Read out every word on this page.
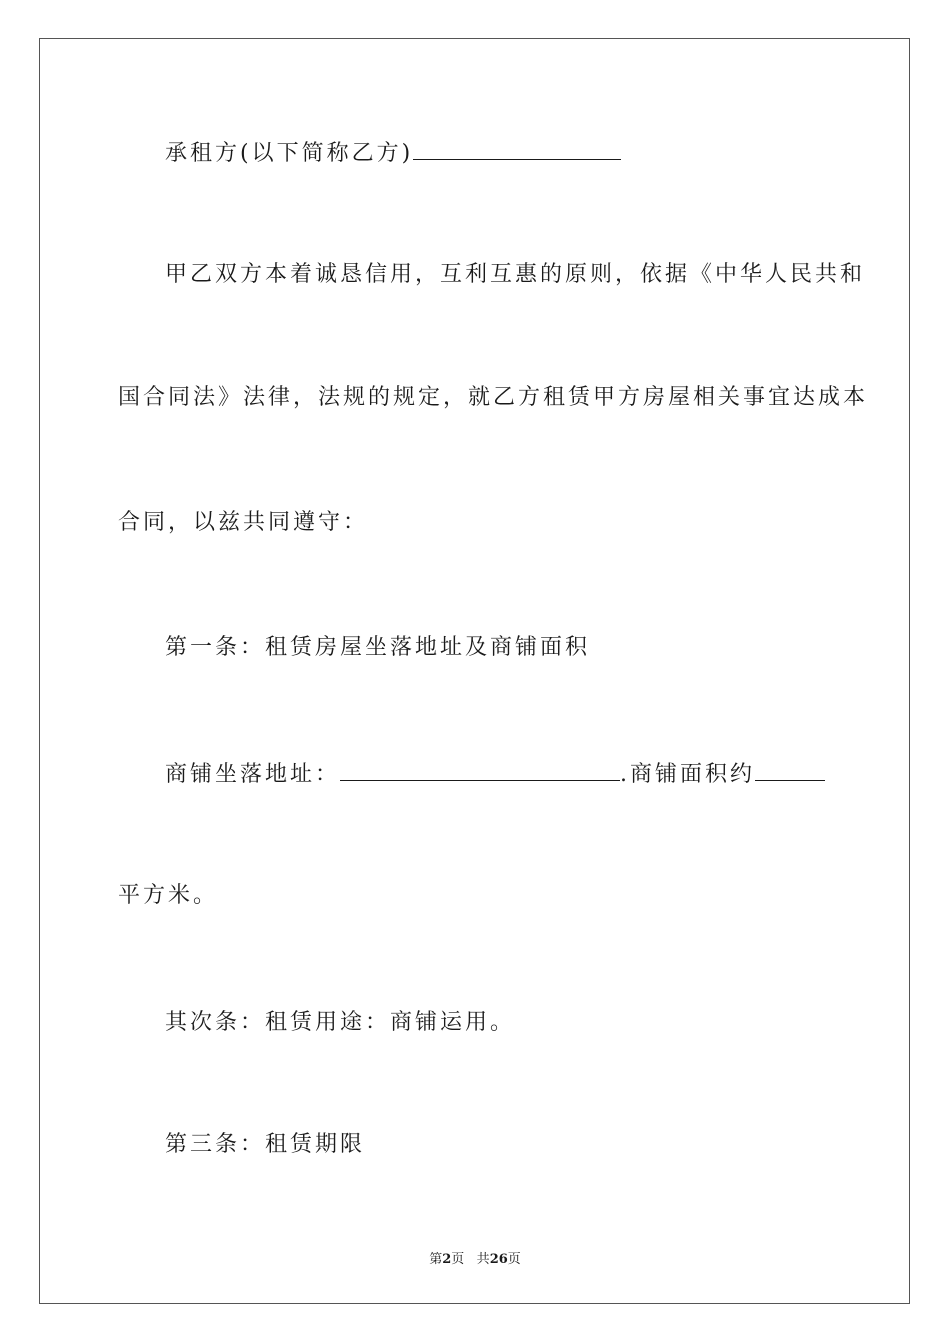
承租方(以下简称乙方)
甲乙双方本着诚恳信用，互利互惠的原则，依据《中华人民共和
国合同法》法律，法规的规定，就乙方租赁甲方房屋相关事宜达成本
合同，以兹共同遵守：
第一条：租赁房屋坐落地址及商铺面积
商铺坐落地址：	.商铺面积约
平方米。
其次条：租赁用途：商铺运用。
第三条：租赁期限
第2页 共26页
